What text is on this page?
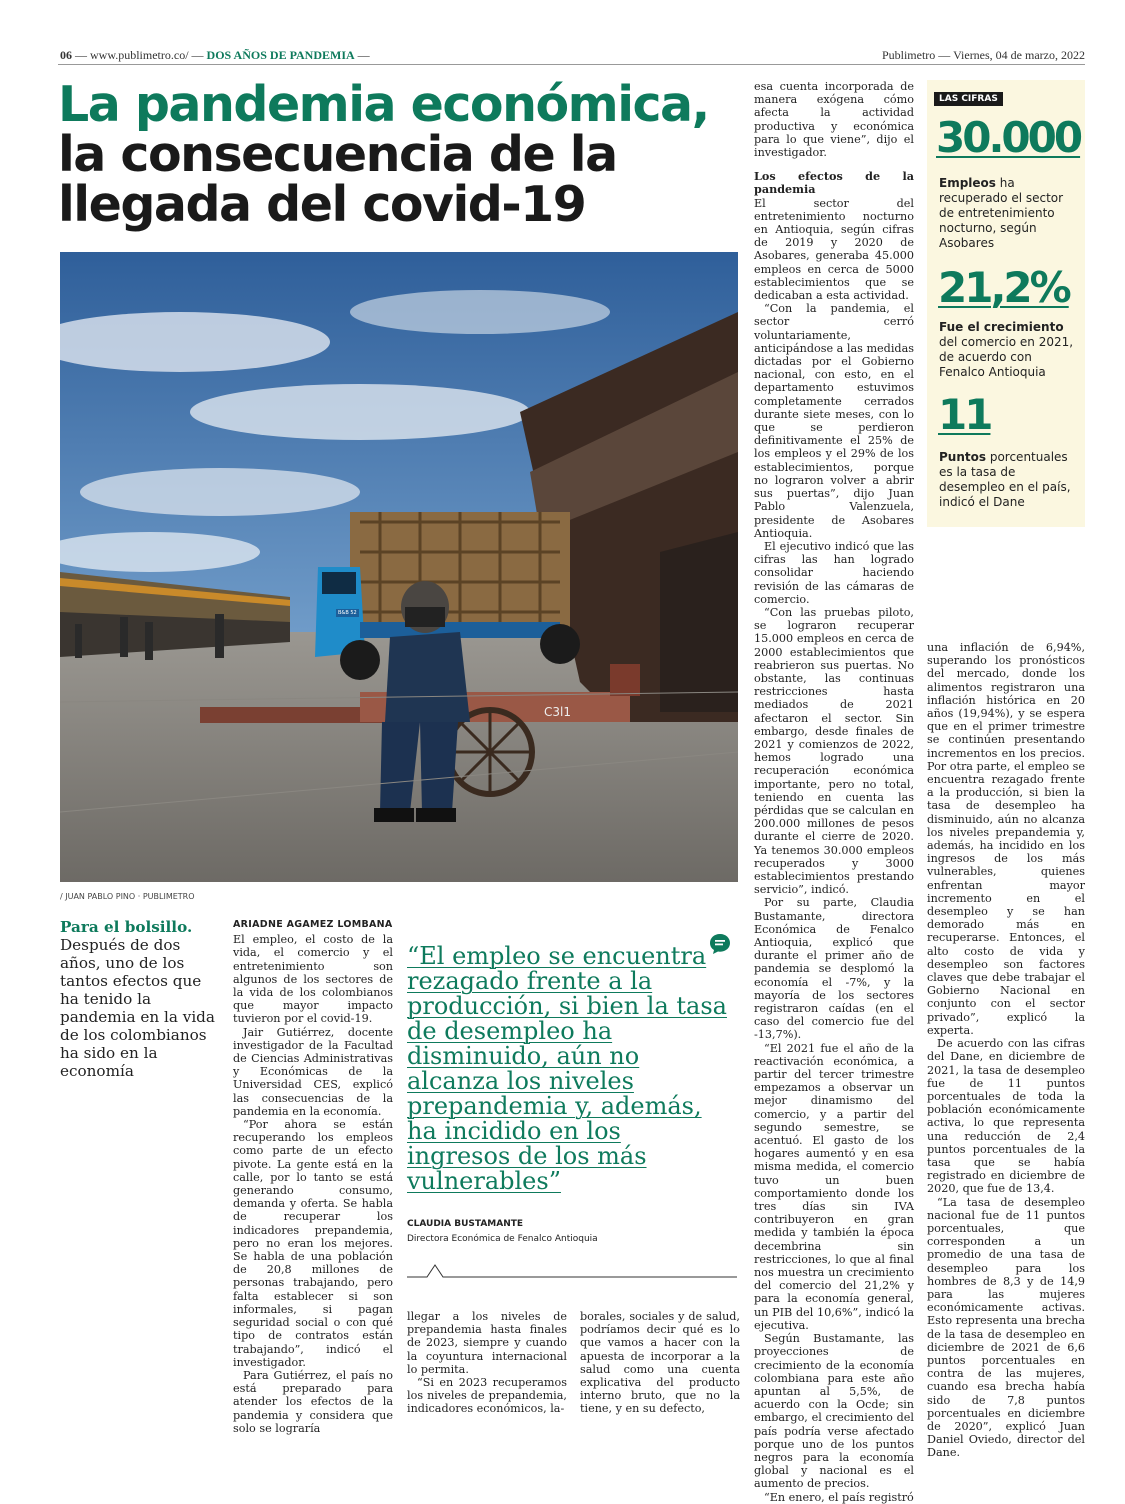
06 — www.publimetro.co/ — DOS AÑOS DE PANDEMIA —	Publimetro — Viernes, 04 de marzo, 2022
La pandemia económica,
la consecuencia de la
llegada del covid-19
B&B 52
C3l1
/ JUAN PABLO PINO · PUBLIMETRO
Para el bolsillo. Después de dos años, uno de los tantos efectos que ha tenido la pandemia en la vida de los colombianos ha sido en la economía
ARIADNE AGAMEZ LOMBANA

El empleo, el costo de la vida, el comercio y el entretenimiento son algunos de los sectores de la vida de los colombianos que mayor impacto tuvieron por el covid-19.

Jair Gutiérrez, docente investigador de la Facultad de Ciencias Administrativas y Económicas de la Universidad CES, explicó las consecuencias de la pandemia en la economía.

“Por ahora se están recuperando los empleos como parte de un efecto pivote. La gente está en la calle, por lo tanto se está generando consumo, demanda y oferta. Se habla de recuperar los indicadores prepandemia, pero no eran los mejores. Se habla de una población de 20,8 millones de personas trabajando, pero falta establecer si son informales, si pagan seguridad social o con qué tipo de contratos están trabajando”, indicó el investigador.

Para Gutiérrez, el país no está preparado para atender los efectos de la pandemia y considera que solo se lograría

“El empleo se encuentra rezagado frente a la producción, si bien la tasa de desempleo ha disminuido, aún no alcanza los niveles prepandemia y, además, ha incidido en los ingresos de los más vulnerables”
CLAUDIA BUSTAMANTE
Directora Económica de Fenalco Antioquia

llegar a los niveles de prepandemia hasta finales de 2023, siempre y cuando la coyuntura internacional lo permita.

“Si en 2023 recuperamos los niveles de prepandemia, indicadores económicos, la-

borales, sociales y de salud, podríamos decir qué es lo que vamos a hacer con la apuesta de incorporar a la salud como una cuenta explicativa del producto interno bruto, que no la tiene, y en su defecto,

esa cuenta incorporada de manera exógena cómo afecta la actividad productiva y económica para lo que viene”, dijo el investigador.

Los efectos de la pandemia

El sector del entretenimiento nocturno en Antioquia, según cifras de 2019 y 2020 de Asobares, generaba 45.000 empleos en cerca de 5000 establecimientos que se dedicaban a esta actividad.

“Con la pandemia, el sector cerró voluntariamente, anticipándose a las medidas dictadas por el Gobierno nacional, con esto, en el departamento estuvimos completamente cerrados durante siete meses, con lo que se perdieron definitivamente el 25% de los empleos y el 29% de los establecimientos, porque no lograron volver a abrir sus puertas”, dijo Juan Pablo Valenzuela, presidente de Asobares Antioquia.

El ejecutivo indicó que las cifras las han logrado consolidar haciendo revisión de las cámaras de comercio.

“Con las pruebas piloto, se lograron recuperar 15.000 empleos en cerca de 2000 establecimientos que reabrieron sus puertas. No obstante, las continuas restricciones hasta mediados de 2021 afectaron el sector. Sin embargo, desde finales de 2021 y comienzos de 2022, hemos logrado una recuperación económica importante, pero no total, teniendo en cuenta las pérdidas que se calculan en 200.000 millones de pesos durante el cierre de 2020. Ya tenemos 30.000 empleos recuperados y 3000 establecimientos prestando servicio”, indicó.

Por su parte, Claudia Bustamante, directora Económica de Fenalco Antioquia, explicó que durante el primer año de pandemia se desplomó la economía el -7%, y la mayoría de los sectores registraron caídas (en el caso del comercio fue del -13,7%).

“El 2021 fue el año de la reactivación económica, a partir del tercer trimestre empezamos a observar un mejor dinamismo del comercio, y a partir del segundo semestre, se acentuó. El gasto de los hogares aumentó y en esa misma medida, el comercio tuvo un buen comportamiento donde los tres días sin IVA contribuyeron en gran medida y también la época decembrina sin restricciones, lo que al final nos muestra un crecimiento del comercio del 21,2% y para la economía general, un PIB del 10,6%”, indicó la ejecutiva.

Según Bustamante, las proyecciones de crecimiento de la economía colombiana para este año apuntan al 5,5%, de acuerdo con la Ocde; sin embargo, el crecimiento del país podría verse afectado porque uno de los puntos negros para la economía global y nacional es el aumento de precios.

“En enero, el país registró

una inflación de 6,94%, superando los pronósticos del mercado, donde los alimentos registraron una inflación histórica en 20 años (19,94%), y se espera que en el primer trimestre se continúen presentando incrementos en los precios. Por otra parte, el empleo se encuentra rezagado frente a la producción, si bien la tasa de desempleo ha disminuido, aún no alcanza los niveles prepandemia y, además, ha incidido en los ingresos de los más vulnerables, quienes enfrentan mayor incremento en el desempleo y se han demorado más en recuperarse. Entonces, el alto costo de vida y desempleo son factores claves que debe trabajar el Gobierno Nacional en conjunto con el sector privado”, explicó la experta.

De acuerdo con las cifras del Dane, en diciembre de 2021, la tasa de desempleo fue de 11 puntos porcentuales de toda la población económicamente activa, lo que representa una reducción de 2,4 puntos porcentuales de la tasa que se había registrado en diciembre de 2020, que fue de 13,4.

“La tasa de desempleo nacional fue de 11 puntos porcentuales, que corresponden a un promedio de una tasa de desempleo para los hombres de 8,3 y de 14,9 para las mujeres económicamente activas. Esto representa una brecha de la tasa de desempleo en diciembre de 2021 de 6,6 puntos porcentuales en contra de las mujeres, cuando esa brecha había sido de 7,8 puntos porcentuales en diciembre de 2020”, explicó Juan Daniel Oviedo, director del Dane.

LAS CIFRAS
30.000
Empleos ha recuperado el sector de entretenimiento nocturno, según Asobares
21,2%
Fue el crecimiento del comercio en 2021, de acuerdo con Fenalco Antioquia
11
Puntos porcentuales es la tasa de desempleo en el país, indicó el Dane
